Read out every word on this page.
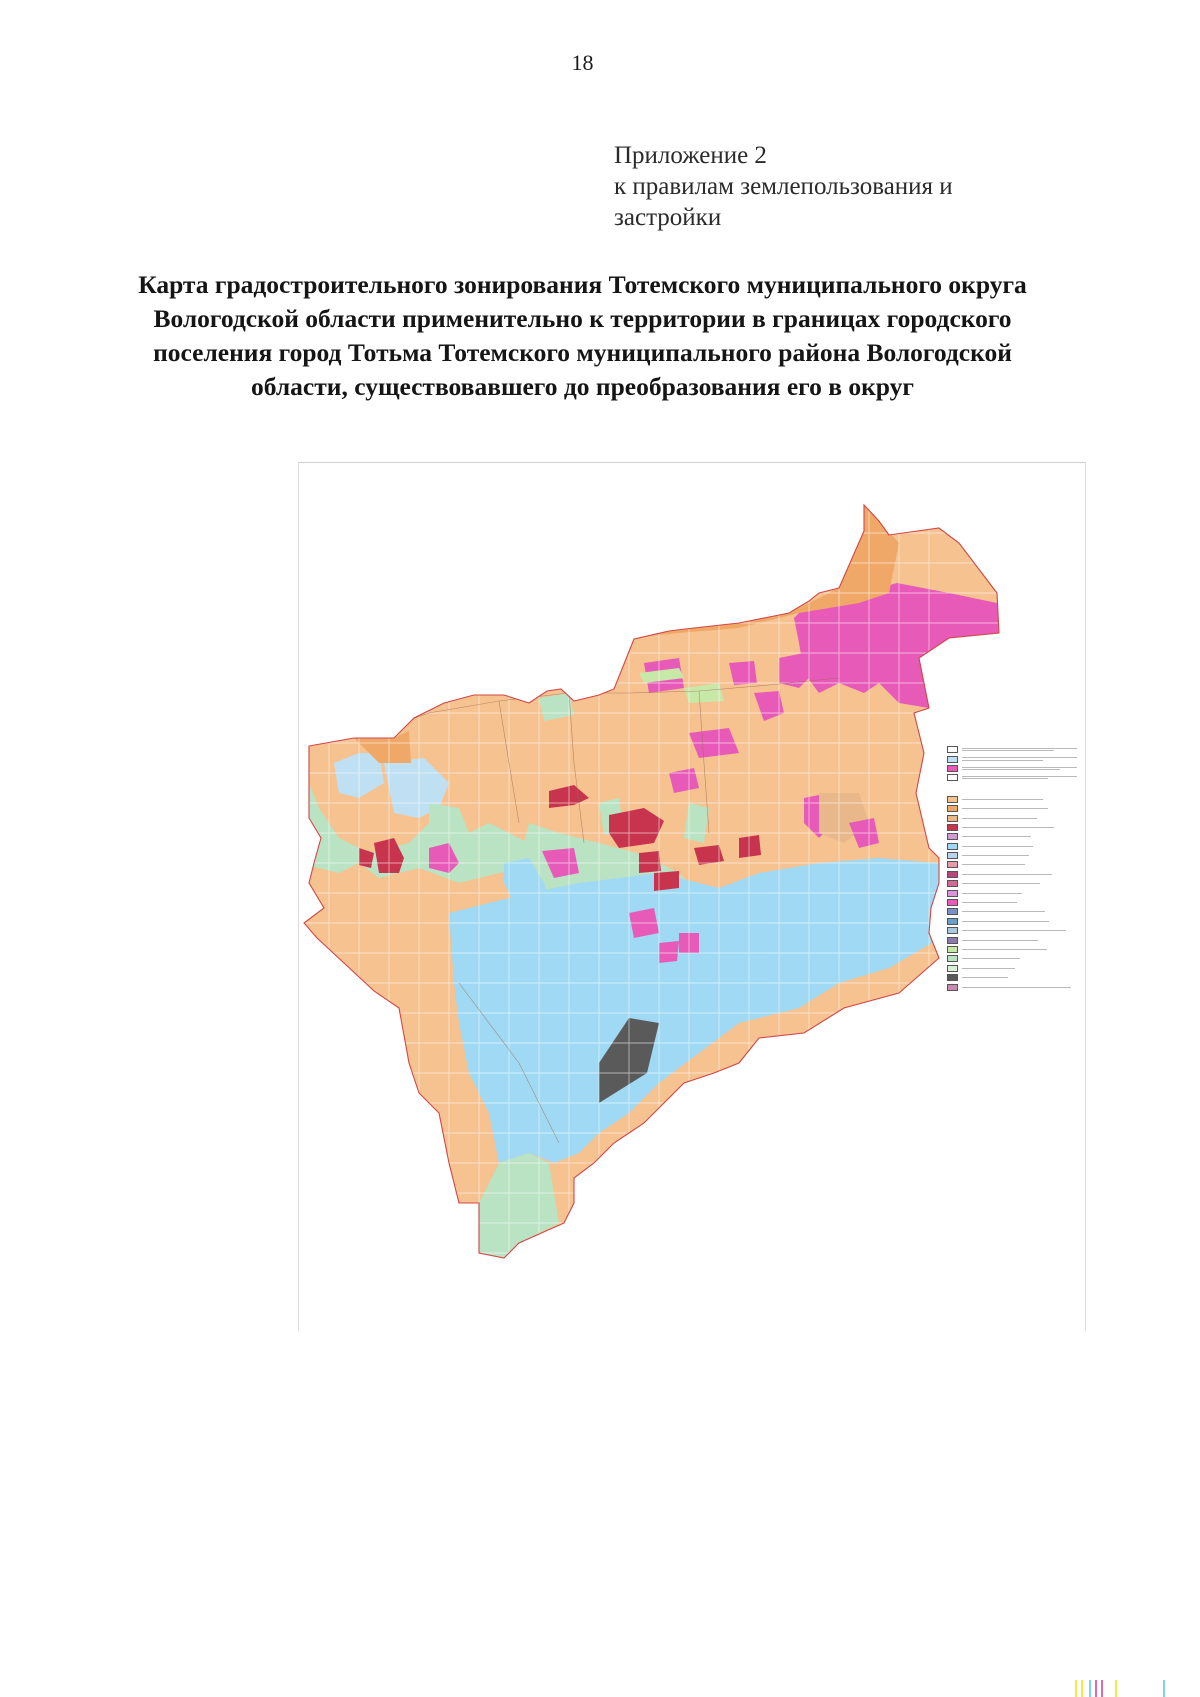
18
Приложение 2
к правилам землепользования и
застройки
Карта градостроительного зонирования Тотемского муниципального округа
Вологодской области применительно к территории в границах городского
поселения город Тотьма Тотемского муниципального района Вологодской
области, существовавшего до преобразования его в округ
